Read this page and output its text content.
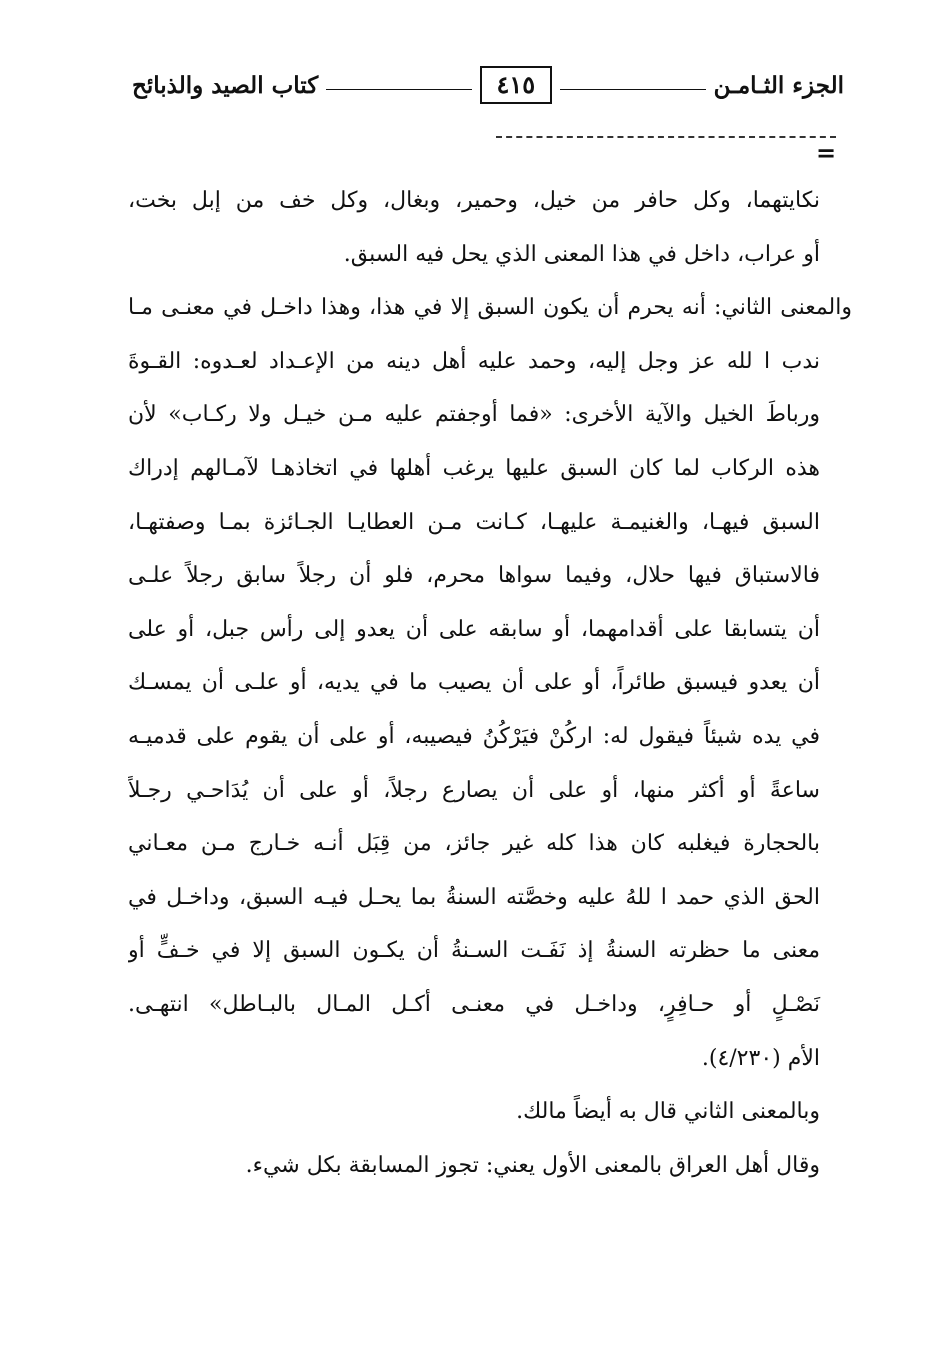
الجزء الثـامـن
٤١٥
كتاب الصيد والذبائح
=
نكايتهما، وكل حافر من خيل، وحمير، وبغال، وكل خف من إبل بخت،
أو عراب، داخل في هذا المعنى الذي يحل فيه السبق.
والمعنى الثاني: أنه يحرم أن يكون السبق إلا في هذا، وهذا داخـل في معنـى مـا
ندب ا لله عز وجل إليه، وحمد عليه أهل دينه من الإعـداد لعـدوه: القـوةَ
ورباطَ الخيل والآية الأخرى: «فما أوجفتم عليه مـن خيـل ولا ركـاب» لأن
هذه الركاب لما كان السبق عليها يرغب أهلها في اتخاذهـا لآمـالهم إدراك
السبق فيهـا، والغنيمـة عليهـا، كـانت مـن العطايـا الجـائزة بمـا وصفتهـا،
فالاستباق فيها حلال، وفيما سواها محرم، فلو أن رجلاً سابق رجلاً علـى
أن يتسابقا على أقدامهما، أو سابقه على أن يعدو إلى رأس جبل، أو على
أن يعدو فيسبق طائراً، أو على أن يصيب ما في يديه، أو علـى أن يمسـك
في يده شيئاً فيقول له: اركُنْ فيَرْكُنُ فيصيبه، أو على أن يقوم على قدميـه
ساعةً أو أكثر منها، أو على أن يصارع رجلاً، أو على أن يُدَاحـي رجـلاً
بالحجارة فيغلبه كان هذا كله غير جائز، من قِبَل أنـه خـارج مـن معـاني
الحق الذي حمد ا للهُ عليه وخصَّته السنةُ بما يحـل فيـه السبق، وداخـل في
معنى ما حظرته السنةُ إذ نَفَـت السـنةُ أن يكـون السبق إلا في خـفٍّ أو
نَصْـلٍ أو حـافِرٍ، وداخـل في معنـى أكـل المـال بالبـاطل» انتهـى.
الأم (٤/٢٣٠).
وبالمعنى الثاني قال به أيضاً مالك.
وقال أهل العراق بالمعنى الأول يعني: تجوز المسابقة بكل شيء.
